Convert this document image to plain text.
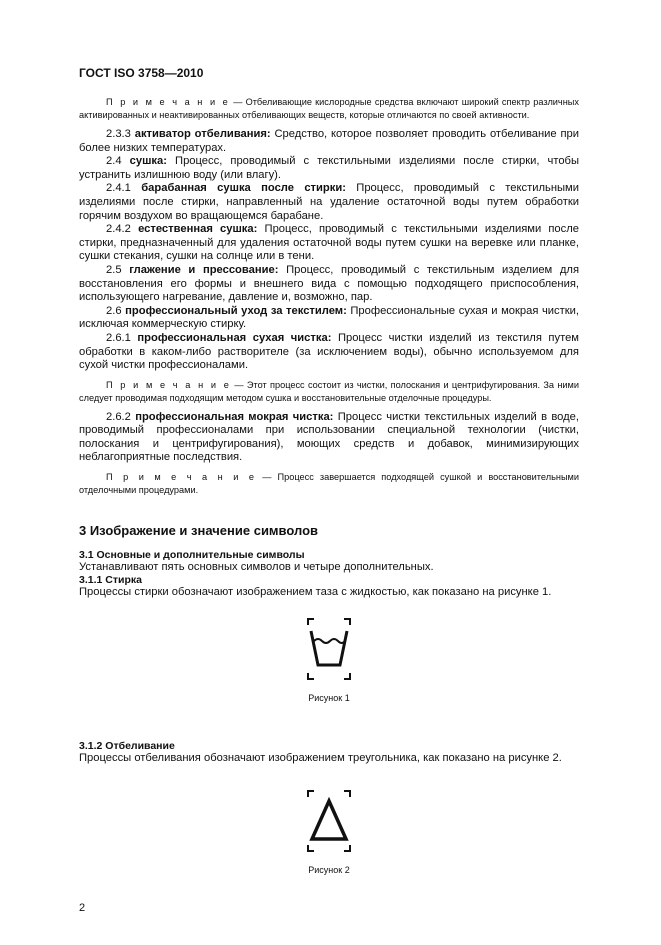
ГОСТ ISO 3758—2010

П р и м е ч а н и е — Отбеливающие кислородные средства включают широкий спектр различных активированных и неактивированных отбеливающих веществ, которые отличаются по своей активности.

2.3.3 активатор отбеливания: Средство, которое позволяет проводить отбеливание при более низких температурах.

2.4 сушка: Процесс, проводимый с текстильными изделиями после стирки, чтобы устранить излишнюю воду (или влагу).

2.4.1 барабанная сушка после стирки: Процесс, проводимый с текстильными изделиями после стирки, направленный на удаление остаточной воды путем обработки горячим воздухом во вращающемся барабане.

2.4.2 естественная сушка: Процесс, проводимый с текстильными изделиями после стирки, предназначенный для удаления остаточной воды путем сушки на веревке или планке, сушки стекания, сушки на солнце или в тени.

2.5 глажение и прессование: Процесс, проводимый с текстильным изделием для восстановления его формы и внешнего вида с помощью подходящего приспособления, использующего нагревание, давление и, возможно, пар.

2.6 профессиональный уход за текстилем: Профессиональные сухая и мокрая чистки, исключая коммерческую стирку.

2.6.1 профессиональная сухая чистка: Процесс чистки изделий из текстиля путем обработки в каком-либо растворителе (за исключением воды), обычно используемом для сухой чистки профессионалами.

П р и м е ч а н и е — Этот процесс состоит из чистки, полоскания и центрифугирования. За ними следует проводимая подходящим методом сушка и восстановительные отделочные процедуры.

2.6.2 профессиональная мокрая чистка: Процесс чистки текстильных изделий в воде, проводимый профессионалами при использовании специальной технологии (чистки, полоскания и центрифугирования), моющих средств и добавок, минимизирующих неблагоприятные последствия.

П р и м е ч а н и е — Процесс завершается подходящей сушкой и восстановительными отделочными процедурами.

3 Изображение и значение символов
3.1 Основные и дополнительные символы
Устанавливают пять основных символов и четыре дополнительных.
3.1.1 Стирка
Процессы стирки обозначают изображением таза с жидкостью, как показано на рисунке 1.
Рисунок 1
3.1.2 Отбеливание
Процессы отбеливания обозначают изображением треугольника, как показано на рисунке 2.
Рисунок 2
2
